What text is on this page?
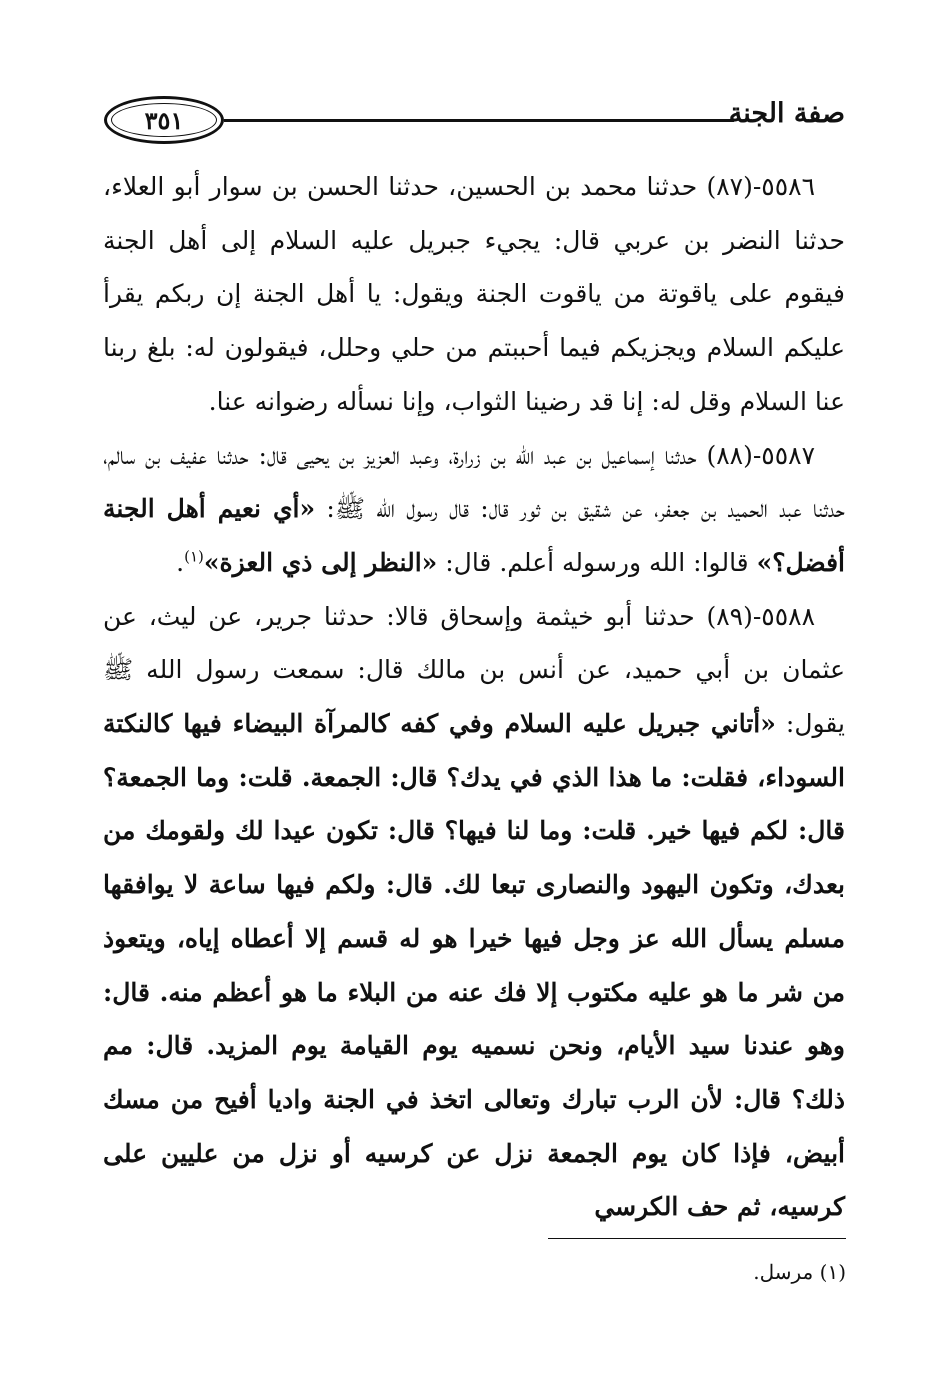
٣٥١	صفة الجنة

٥٥٨٦-(٨٧) حدثنا محمد بن الحسين، حدثنا الحسن بن سوار أبو العلاء، حدثنا النضر بن عربي قال: يجيء جبريل عليه السلام إلى أهل الجنة فيقوم على ياقوتة من ياقوت الجنة ويقول: يا أهل الجنة إن ربكم يقرأ عليكم السلام ويجزيكم فيما أحببتم من حلي وحلل، فيقولون له: بلغ ربنا عنا السلام وقل له: إنا قد رضينا الثواب، وإنا نسأله رضوانه عنا.

٥٥٨٧-(٨٨) حدثنا إسماعيل بن عبد الله بن زرارة، وعبد العزيز بن يحيى قال: حدثنا عفيف بن سالم، حدثنا عبد الحميد بن جعفر، عن شقيق بن ثور قال: قال رسول الله ﷺ: «أي نعيم أهل الجنة أفضل؟» قالوا: الله ورسوله أعلم. قال: «النظر إلى ذي العزة»$^{(١)}$.

٥٥٨٨-(٨٩) حدثنا أبو خيثمة وإسحاق قالا: حدثنا جرير، عن ليث، عن عثمان بن أبي حميد، عن أنس بن مالك قال: سمعت رسول الله ﷺ يقول: «أتاني جبريل عليه السلام وفي كفه كالمرآة البيضاء فيها كالنكتة السوداء، فقلت: ما هذا الذي في يدك؟ قال: الجمعة. قلت: وما الجمعة؟ قال: لكم فيها خير. قلت: وما لنا فيها؟ قال: تكون عيدا لك ولقومك من بعدك، وتكون اليهود والنصارى تبعا لك. قال: ولكم فيها ساعة لا يوافقها مسلم يسأل الله عز وجل فيها خيرا هو له قسم إلا أعطاه إياه، ويتعوذ من شر ما هو عليه مكتوب إلا فك عنه من البلاء ما هو أعظم منه. قال: وهو عندنا سيد الأيام، ونحن نسميه يوم القيامة يوم المزيد. قال: مم ذلك؟ قال: لأن الرب تبارك وتعالى اتخذ في الجنة واديا أفيح من مسك أبيض، فإذا كان يوم الجمعة نزل عن كرسيه أو نزل من عليين على كرسيه، ثم حف الكرسي

(١) مرسل.
